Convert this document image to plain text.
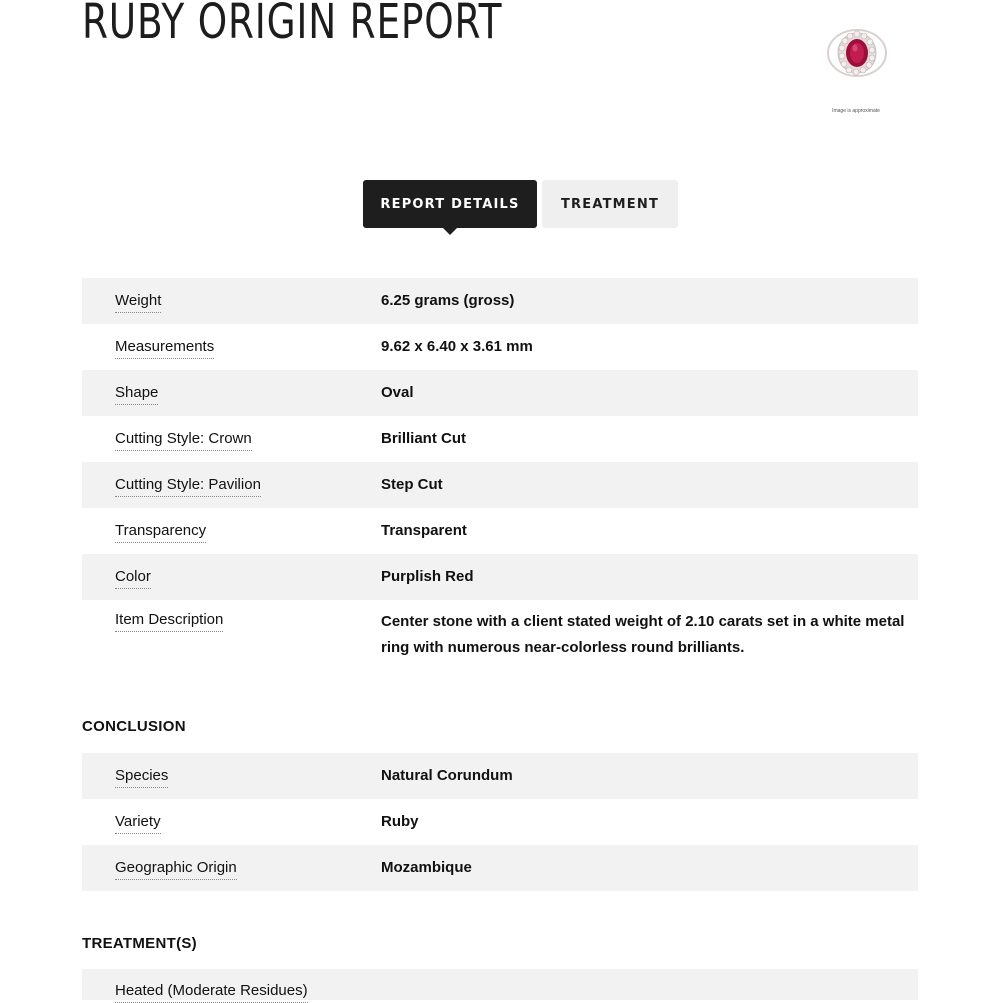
RUBY ORIGIN REPORT
Image is approximate
REPORT DETAILS	TREATMENT
Weight	6.25 grams (gross)
Measurements	9.62 x 6.40 x 3.61 mm
Shape	Oval
Cutting Style: Crown	Brilliant Cut
Cutting Style: Pavilion	Step Cut
Transparency	Transparent
Color	Purplish Red
Item Description	Center stone with a client stated weight of 2.10 carats set in a white metal ring with numerous near-colorless round brilliants.
CONCLUSION
Species	Natural Corundum
Variety	Ruby
Geographic Origin	Mozambique
TREATMENT(S)
Heated (Moderate Residues)
